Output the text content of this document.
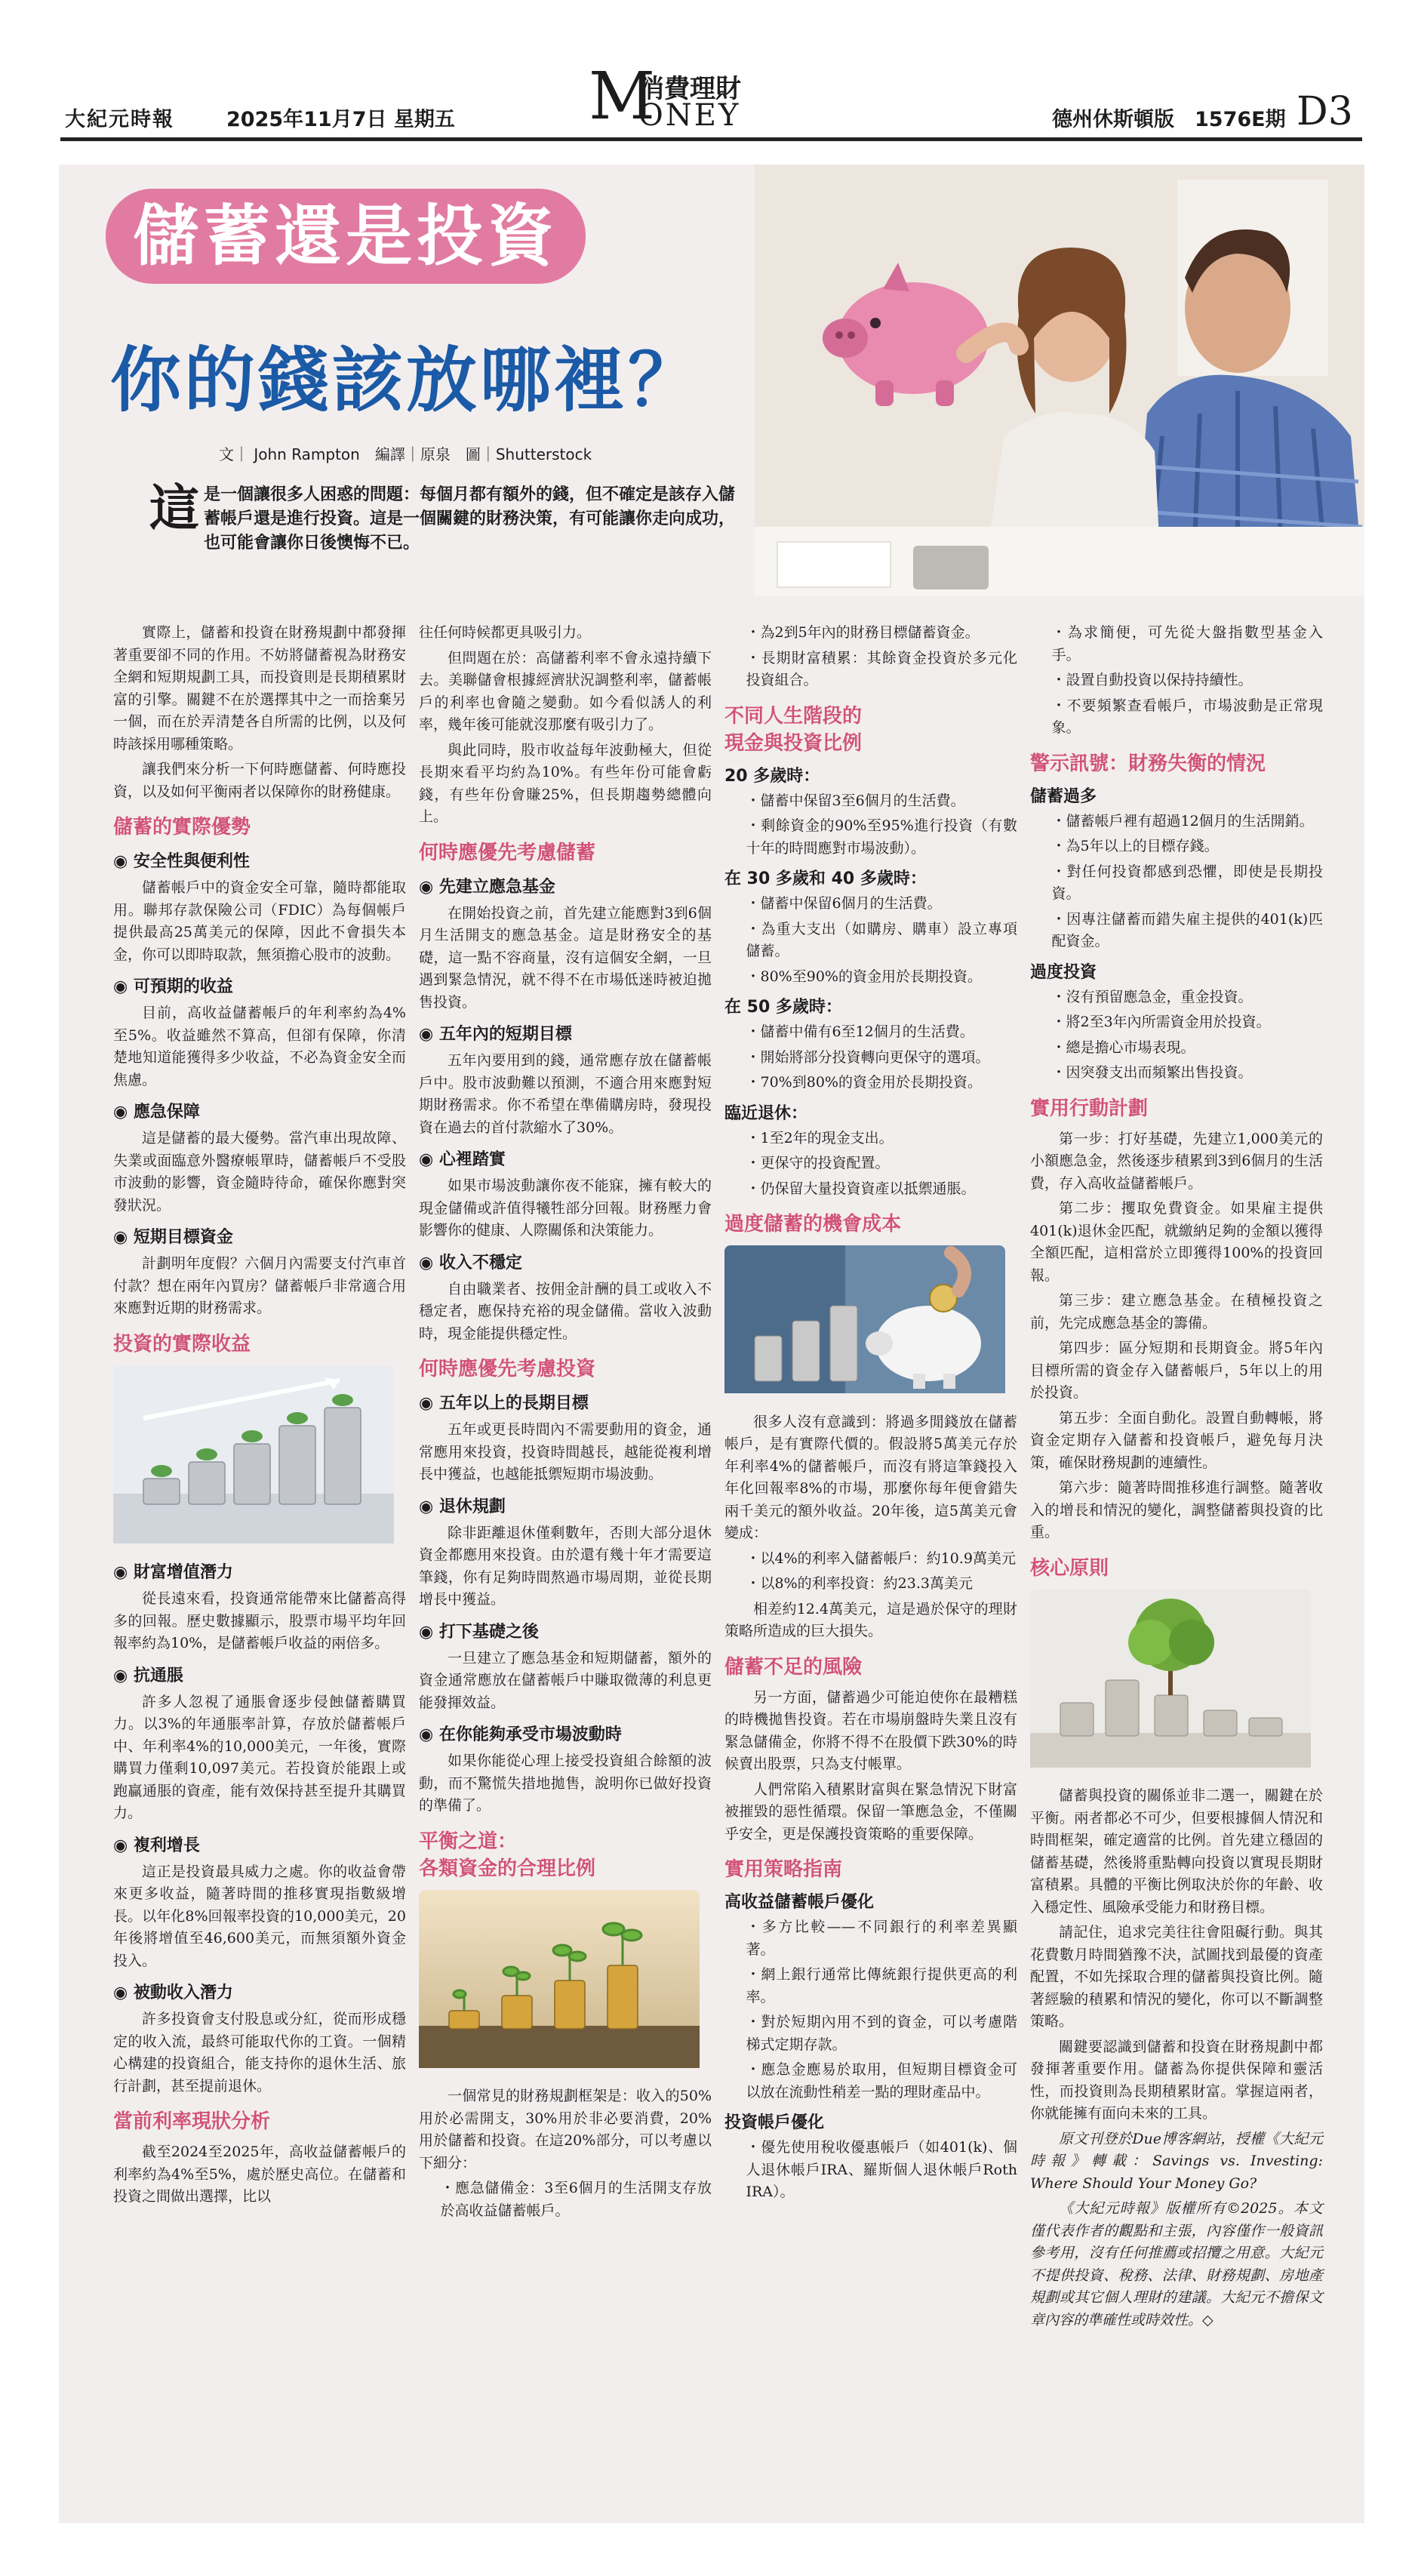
大紀元時報	2025年11月7日 星期五 M
消費理財
ONEY	德州休斯頓版　1576E期 D3
儲蓄還是投資
你的錢該放哪裡？
文｜ John Rampton　編譯｜原泉　圖｜Shutterstock
這 是一個讓很多人困惑的問題：每個月都有額外的錢，但不確定是該存入儲蓄帳戶還是進行投資。這是一個關鍵的財務決策，有可能讓你走向成功，也可能會讓你日後懊悔不已。

實際上，儲蓄和投資在財務規劃中都發揮著重要卻不同的作用。不妨將儲蓄視為財務安全網和短期規劃工具，而投資則是長期積累財富的引擎。關鍵不在於選擇其中之一而捨棄另一個，而在於弄清楚各自所需的比例，以及何時該採用哪種策略。

讓我們來分析一下何時應儲蓄、何時應投資，以及如何平衡兩者以保障你的財務健康。

儲蓄的實際優勢
◉ 安全性與便利性

儲蓄帳戶中的資金安全可靠，隨時都能取用。聯邦存款保險公司（FDIC）為每個帳戶提供最高25萬美元的保障，因此不會損失本金，你可以即時取款，無須擔心股市的波動。

◉ 可預期的收益

目前，高收益儲蓄帳戶的年利率約為4%至5%。收益雖然不算高，但卻有保障，你清楚地知道能獲得多少收益，不必為資金安全而焦慮。

◉ 應急保障

這是儲蓄的最大優勢。當汽車出現故障、失業或面臨意外醫療帳單時，儲蓄帳戶不受股市波動的影響，資金隨時待命，確保你應對突發狀況。

◉ 短期目標資金

計劃明年度假？六個月內需要支付汽車首付款？想在兩年內買房？儲蓄帳戶非常適合用來應對近期的財務需求。

投資的實際收益
◉ 財富增值潛力

從長遠來看，投資通常能帶來比儲蓄高得多的回報。歷史數據顯示，股票市場平均年回報率約為10%，是儲蓄帳戶收益的兩倍多。

◉ 抗通脹

許多人忽視了通脹會逐步侵蝕儲蓄購買力。以3%的年通脹率計算，存放於儲蓄帳戶中、年利率4%的10,000美元，一年後，實際購買力僅剩10,097美元。若投資於能跟上或跑贏通脹的資產，能有效保持甚至提升其購買力。

◉ 複利增長

這正是投資最具威力之處。你的收益會帶來更多收益，隨著時間的推移實現指數級增長。以年化8%回報率投資的10,000美元，20年後將增值至46,600美元，而無須額外資金投入。

◉ 被動收入潛力

許多投資會支付股息或分紅，從而形成穩定的收入流，最終可能取代你的工資。一個精心構建的投資組合，能支持你的退休生活、旅行計劃，甚至提前退休。

當前利率現狀分析

截至2024至2025年，高收益儲蓄帳戶的利率約為4%至5%，處於歷史高位。在儲蓄和投資之間做出選擇，比以

往任何時候都更具吸引力。

但問題在於：高儲蓄利率不會永遠持續下去。美聯儲會根據經濟狀況調整利率，儲蓄帳戶的利率也會隨之變動。如今看似誘人的利率，幾年後可能就沒那麼有吸引力了。

與此同時，股市收益每年波動極大，但從長期來看平均約為10%。有些年份可能會虧錢，有些年份會賺25%，但長期趨勢總體向上。

何時應優先考慮儲蓄
◉ 先建立應急基金

在開始投資之前，首先建立能應對3到6個月生活開支的應急基金。這是財務安全的基礎，這一點不容商量，沒有這個安全網，一旦遇到緊急情況，就不得不在市場低迷時被迫拋售投資。

◉ 五年內的短期目標

五年內要用到的錢，通常應存放在儲蓄帳戶中。股市波動難以預測，不適合用來應對短期財務需求。你不希望在準備購房時，發現投資在過去的首付款縮水了30%。

◉ 心裡踏實

如果市場波動讓你夜不能寐，擁有較大的現金儲備或許值得犧牲部分回報。財務壓力會影響你的健康、人際關係和決策能力。

◉ 收入不穩定

自由職業者、按佣金計酬的員工或收入不穩定者，應保持充裕的現金儲備。當收入波動時，現金能提供穩定性。

何時應優先考慮投資
◉ 五年以上的長期目標

五年或更長時間內不需要動用的資金，通常應用來投資，投資時間越長，越能從複利增長中獲益，也越能抵禦短期市場波動。

◉ 退休規劃

除非距離退休僅剩數年，否則大部分退休資金都應用來投資。由於還有幾十年才需要這筆錢，你有足夠時間熬過市場周期，並從長期增長中獲益。

◉ 打下基礎之後

一旦建立了應急基金和短期儲蓄，額外的資金通常應放在儲蓄帳戶中賺取微薄的利息更能發揮效益。

◉ 在你能夠承受市場波動時

如果你能從心理上接受投資組合餘額的波動，而不驚慌失措地拋售，說明你已做好投資的準備了。

平衡之道：
各類資金的合理比例

一個常見的財務規劃框架是：收入的50%用於必需開支，30%用於非必要消費，20%用於儲蓄和投資。在這20%部分，可以考慮以下細分：

・應急儲備金：3至6個月的生活開支存放於高收益儲蓄帳戶。

・為2到5年內的財務目標儲蓄資金。

・長期財富積累：其餘資金投資於多元化投資組合。

不同人生階段的
現金與投資比例
20 多歲時：

・儲蓄中保留3至6個月的生活費。

・剩餘資金的90%至95%進行投資（有數十年的時間應對市場波動）。

在 30 多歲和 40 多歲時：

・儲蓄中保留6個月的生活費。

・為重大支出（如購房、購車）設立專項儲蓄。

・80%至90%的資金用於長期投資。

在 50 多歲時：

・儲蓄中備有6至12個月的生活費。

・開始將部分投資轉向更保守的選項。

・70%到80%的資金用於長期投資。

臨近退休：

・1至2年的現金支出。

・更保守的投資配置。

・仍保留大量投資資產以抵禦通脹。

過度儲蓄的機會成本

很多人沒有意識到：將過多閒錢放在儲蓄帳戶，是有實際代價的。假設將5萬美元存於年利率4%的儲蓄帳戶，而沒有將這筆錢投入年化回報率8%的市場，那麼你每年便會錯失兩千美元的額外收益。20年後，這5萬美元會變成：

・以4%的利率入儲蓄帳戶：約10.9萬美元

・以8%的利率投資：約23.3萬美元

相差約12.4萬美元，這是過於保守的理財策略所造成的巨大損失。

儲蓄不足的風險

另一方面，儲蓄過少可能迫使你在最糟糕的時機拋售投資。若在市場崩盤時失業且沒有緊急儲備金，你將不得不在股價下跌30%的時候賣出股票，只為支付帳單。

人們常陷入積累財富與在緊急情況下財富被摧毀的惡性循環。保留一筆應急金，不僅關乎安全，更是保護投資策略的重要保障。

實用策略指南
高收益儲蓄帳戶優化

・多方比較——不同銀行的利率差異顯著。

・網上銀行通常比傳統銀行提供更高的利率。

・對於短期內用不到的資金，可以考慮階梯式定期存款。

・應急金應易於取用，但短期目標資金可以放在流動性稍差一點的理財產品中。

投資帳戶優化

・優先使用稅收優惠帳戶（如401(k)、個人退休帳戶IRA、羅斯個人退休帳戶Roth IRA）。

・為求簡便，可先從大盤指數型基金入手。

・設置自動投資以保持持續性。

・不要頻繁查看帳戶，市場波動是正常現象。

警示訊號：財務失衡的情況
儲蓄過多

・儲蓄帳戶裡有超過12個月的生活開銷。

・為5年以上的目標存錢。

・對任何投資都感到恐懼，即使是長期投資。

・因專注儲蓄而錯失雇主提供的401(k)匹配資金。

過度投資

・沒有預留應急金，重金投資。

・將2至3年內所需資金用於投資。

・總是擔心市場表現。

・因突發支出而頻繁出售投資。

實用行動計劃

第一步：打好基礎，先建立1,000美元的小額應急金，然後逐步積累到3到6個月的生活費，存入高收益儲蓄帳戶。

第二步：攫取免費資金。如果雇主提供401(k)退休金匹配，就繳納足夠的金額以獲得全額匹配，這相當於立即獲得100%的投資回報。

第三步：建立應急基金。在積極投資之前，先完成應急基金的籌備。

第四步：區分短期和長期資金。將5年內目標所需的資金存入儲蓄帳戶，5年以上的用於投資。

第五步：全面自動化。設置自動轉帳，將資金定期存入儲蓄和投資帳戶，避免每月決策，確保財務規劃的連續性。

第六步：隨著時間推移進行調整。隨著收入的增長和情況的變化，調整儲蓄與投資的比重。

核心原則

儲蓄與投資的關係並非二選一，關鍵在於平衡。兩者都必不可少，但要根據個人情況和時間框架，確定適當的比例。首先建立穩固的儲蓄基礎，然後將重點轉向投資以實現長期財富積累。具體的平衡比例取決於你的年齡、收入穩定性、風險承受能力和財務目標。

請記住，追求完美往往會阻礙行動。與其花費數月時間猶豫不決，試圖找到最優的資產配置，不如先採取合理的儲蓄與投資比例。隨著經驗的積累和情況的變化，你可以不斷調整策略。

關鍵要認識到儲蓄和投資在財務規劃中都發揮著重要作用。儲蓄為你提供保障和靈活性，而投資則為長期積累財富。掌握這兩者，你就能擁有面向未來的工具。

原文刊登於Due博客網站，授權《大紀元時報》轉載：Savings vs. Investing: Where Should Your Money Go?

《大紀元時報》版權所有©2025。本文僅代表作者的觀點和主張，內容僅作一般資訊參考用，沒有任何推薦或招攬之用意。大紀元不提供投資、稅務、法律、財務規劃、房地產規劃或其它個人理財的建議。大紀元不擔保文章內容的準確性或時效性。◇
